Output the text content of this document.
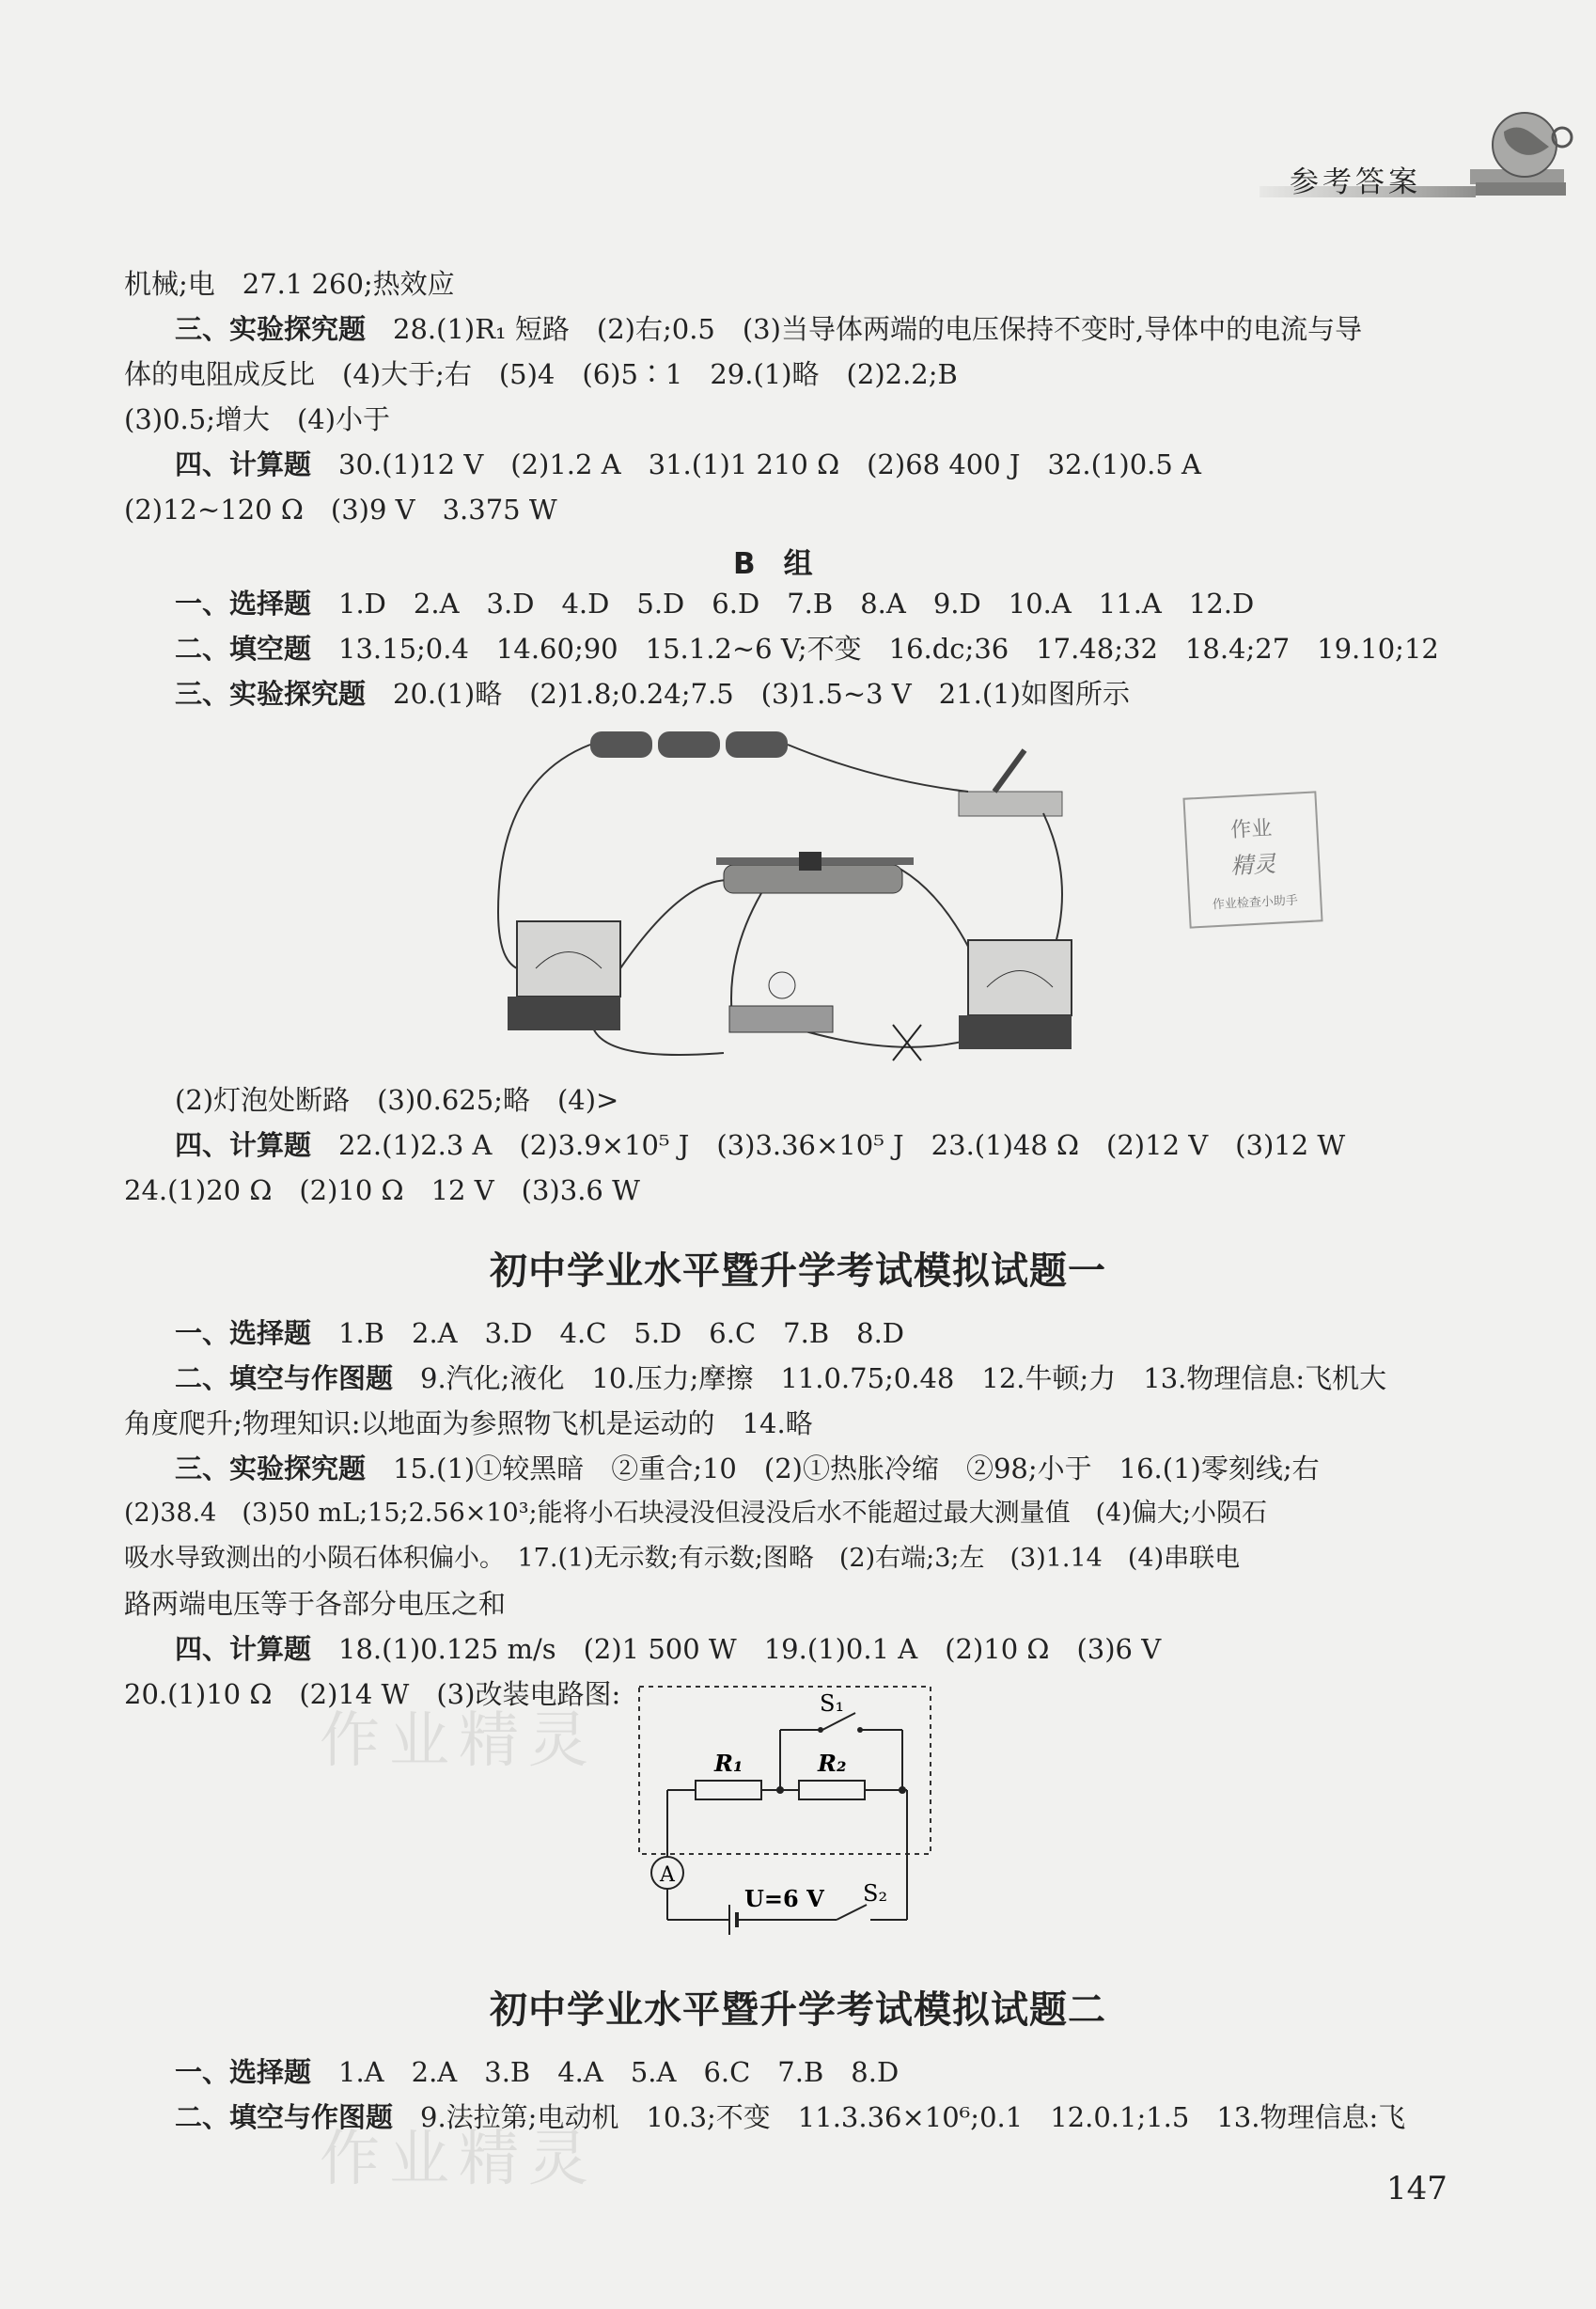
参考答案
机械;电　27.1 260;热效应
三、实验探究题　28.(1)R₁ 短路　(2)右;0.5　(3)当导体两端的电压保持不变时,导体中的电流与导
体的电阻成反比　(4)大于;右　(5)4　(6)5∶1　29.(1)略　(2)2.2;B
(3)0.5;增大　(4)小于
四、计算题　30.(1)12 V　(2)1.2 A　31.(1)1 210 Ω　(2)68 400 J　32.(1)0.5 A
(2)12~120 Ω　(3)9 V　3.375 W
B组
一、选择题　1.D　2.A　3.D　4.D　5.D　6.D　7.B　8.A　9.D　10.A　11.A　12.D
二、填空题　13.15;0.4　14.60;90　15.1.2~6 V;不变　16.dc;36　17.48;32　18.4;27　19.10;12
三、实验探究题　20.(1)略　(2)1.8;0.24;7.5　(3)1.5~3 V　21.(1)如图所示
作业
精灵
作业检查小助手
(2)灯泡处断路　(3)0.625;略　(4)>
四、计算题　22.(1)2.3 A　(2)3.9×10⁵ J　(3)3.36×10⁵ J　23.(1)48 Ω　(2)12 V　(3)12 W
24.(1)20 Ω　(2)10 Ω　12 V　(3)3.6 W
初中学业水平暨升学考试模拟试题一
一、选择题　1.B　2.A　3.D　4.C　5.D　6.C　7.B　8.D
二、填空与作图题　9.汽化;液化　10.压力;摩擦　11.0.75;0.48　12.牛顿;力　13.物理信息:飞机大
角度爬升;物理知识:以地面为参照物飞机是运动的　14.略
三、实验探究题　15.(1)①较黑暗　②重合;10　(2)①热胀冷缩　②98;小于　16.(1)零刻线;右
(2)38.4　(3)50 mL;15;2.56×10³;能将小石块浸没但浸没后水不能超过最大测量值　(4)偏大;小陨石
吸水导致测出的小陨石体积偏小。　17.(1)无示数;有示数;图略　(2)右端;3;左　(3)1.14　(4)串联电
路两端电压等于各部分电压之和
四、计算题　18.(1)0.125 m/s　(2)1 500 W　19.(1)0.1 A　(2)10 Ω　(3)6 V
20.(1)10 Ω　(2)14 W　(3)改装电路图:
作业精灵
S₁
R₁	R₂
A
U=6 V S₂
初中学业水平暨升学考试模拟试题二
一、选择题　1.A　2.A　3.B　4.A　5.A　6.C　7.B　8.D
二、填空与作图题　9.法拉第;电动机　10.3;不变　11.3.36×10⁶;0.1　12.0.1;1.5　13.物理信息:飞
作业精灵	147
